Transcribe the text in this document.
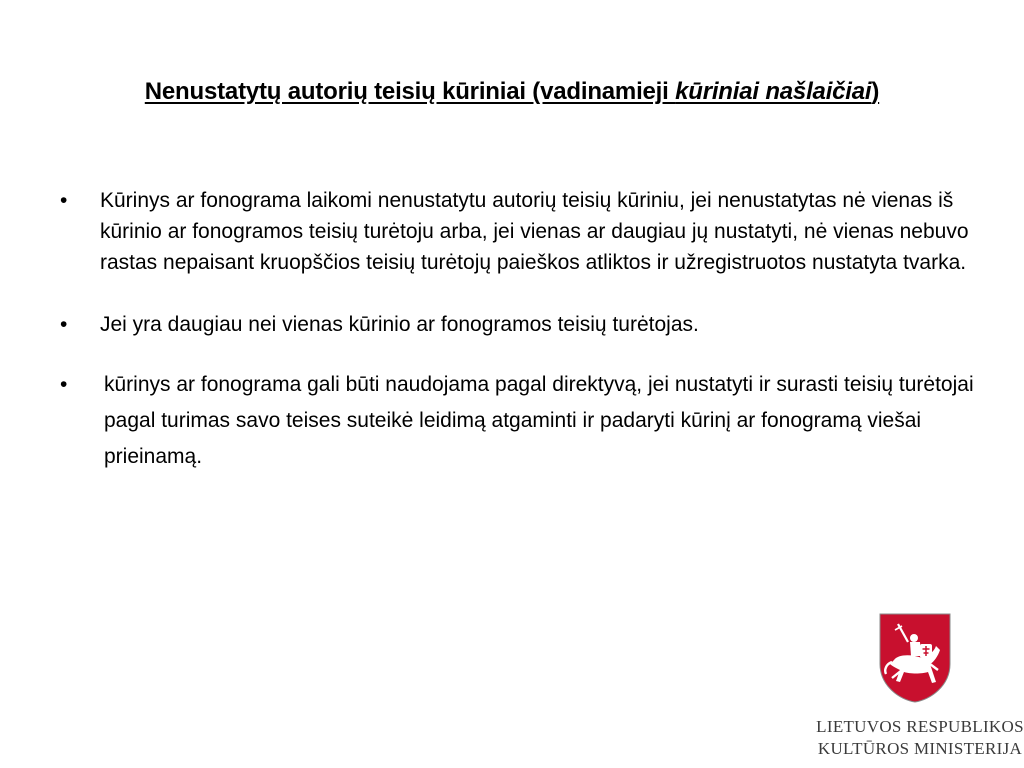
Nenustatytų autorių teisių kūriniai (vadinamieji kūriniai našlaičiai)
• Kūrinys ar fonograma laikomi nenustatytu autorių teisių kūriniu, jei nenustatytas nė vienas iš kūrinio ar fonogramos teisių turėtoju arba, jei vienas ar daugiau jų nustatyti, nė vienas nebuvo rastas nepaisant kruopščios teisių turėtojų paieškos atliktos ir užregistruotos nustatyta tvarka.
• Jei yra daugiau nei vienas kūrinio ar fonogramos teisių turėtojas.
• kūrinys ar fonograma gali būti naudojama pagal direktyvą, jei nustatyti ir surasti teisių turėtojai pagal turimas savo teises suteikė leidimą atgaminti ir padaryti kūrinį ar fonogramą viešai prieinamą.
LIETUVOS RESPUBLIKOS
KULTŪROS MINISTERIJA
